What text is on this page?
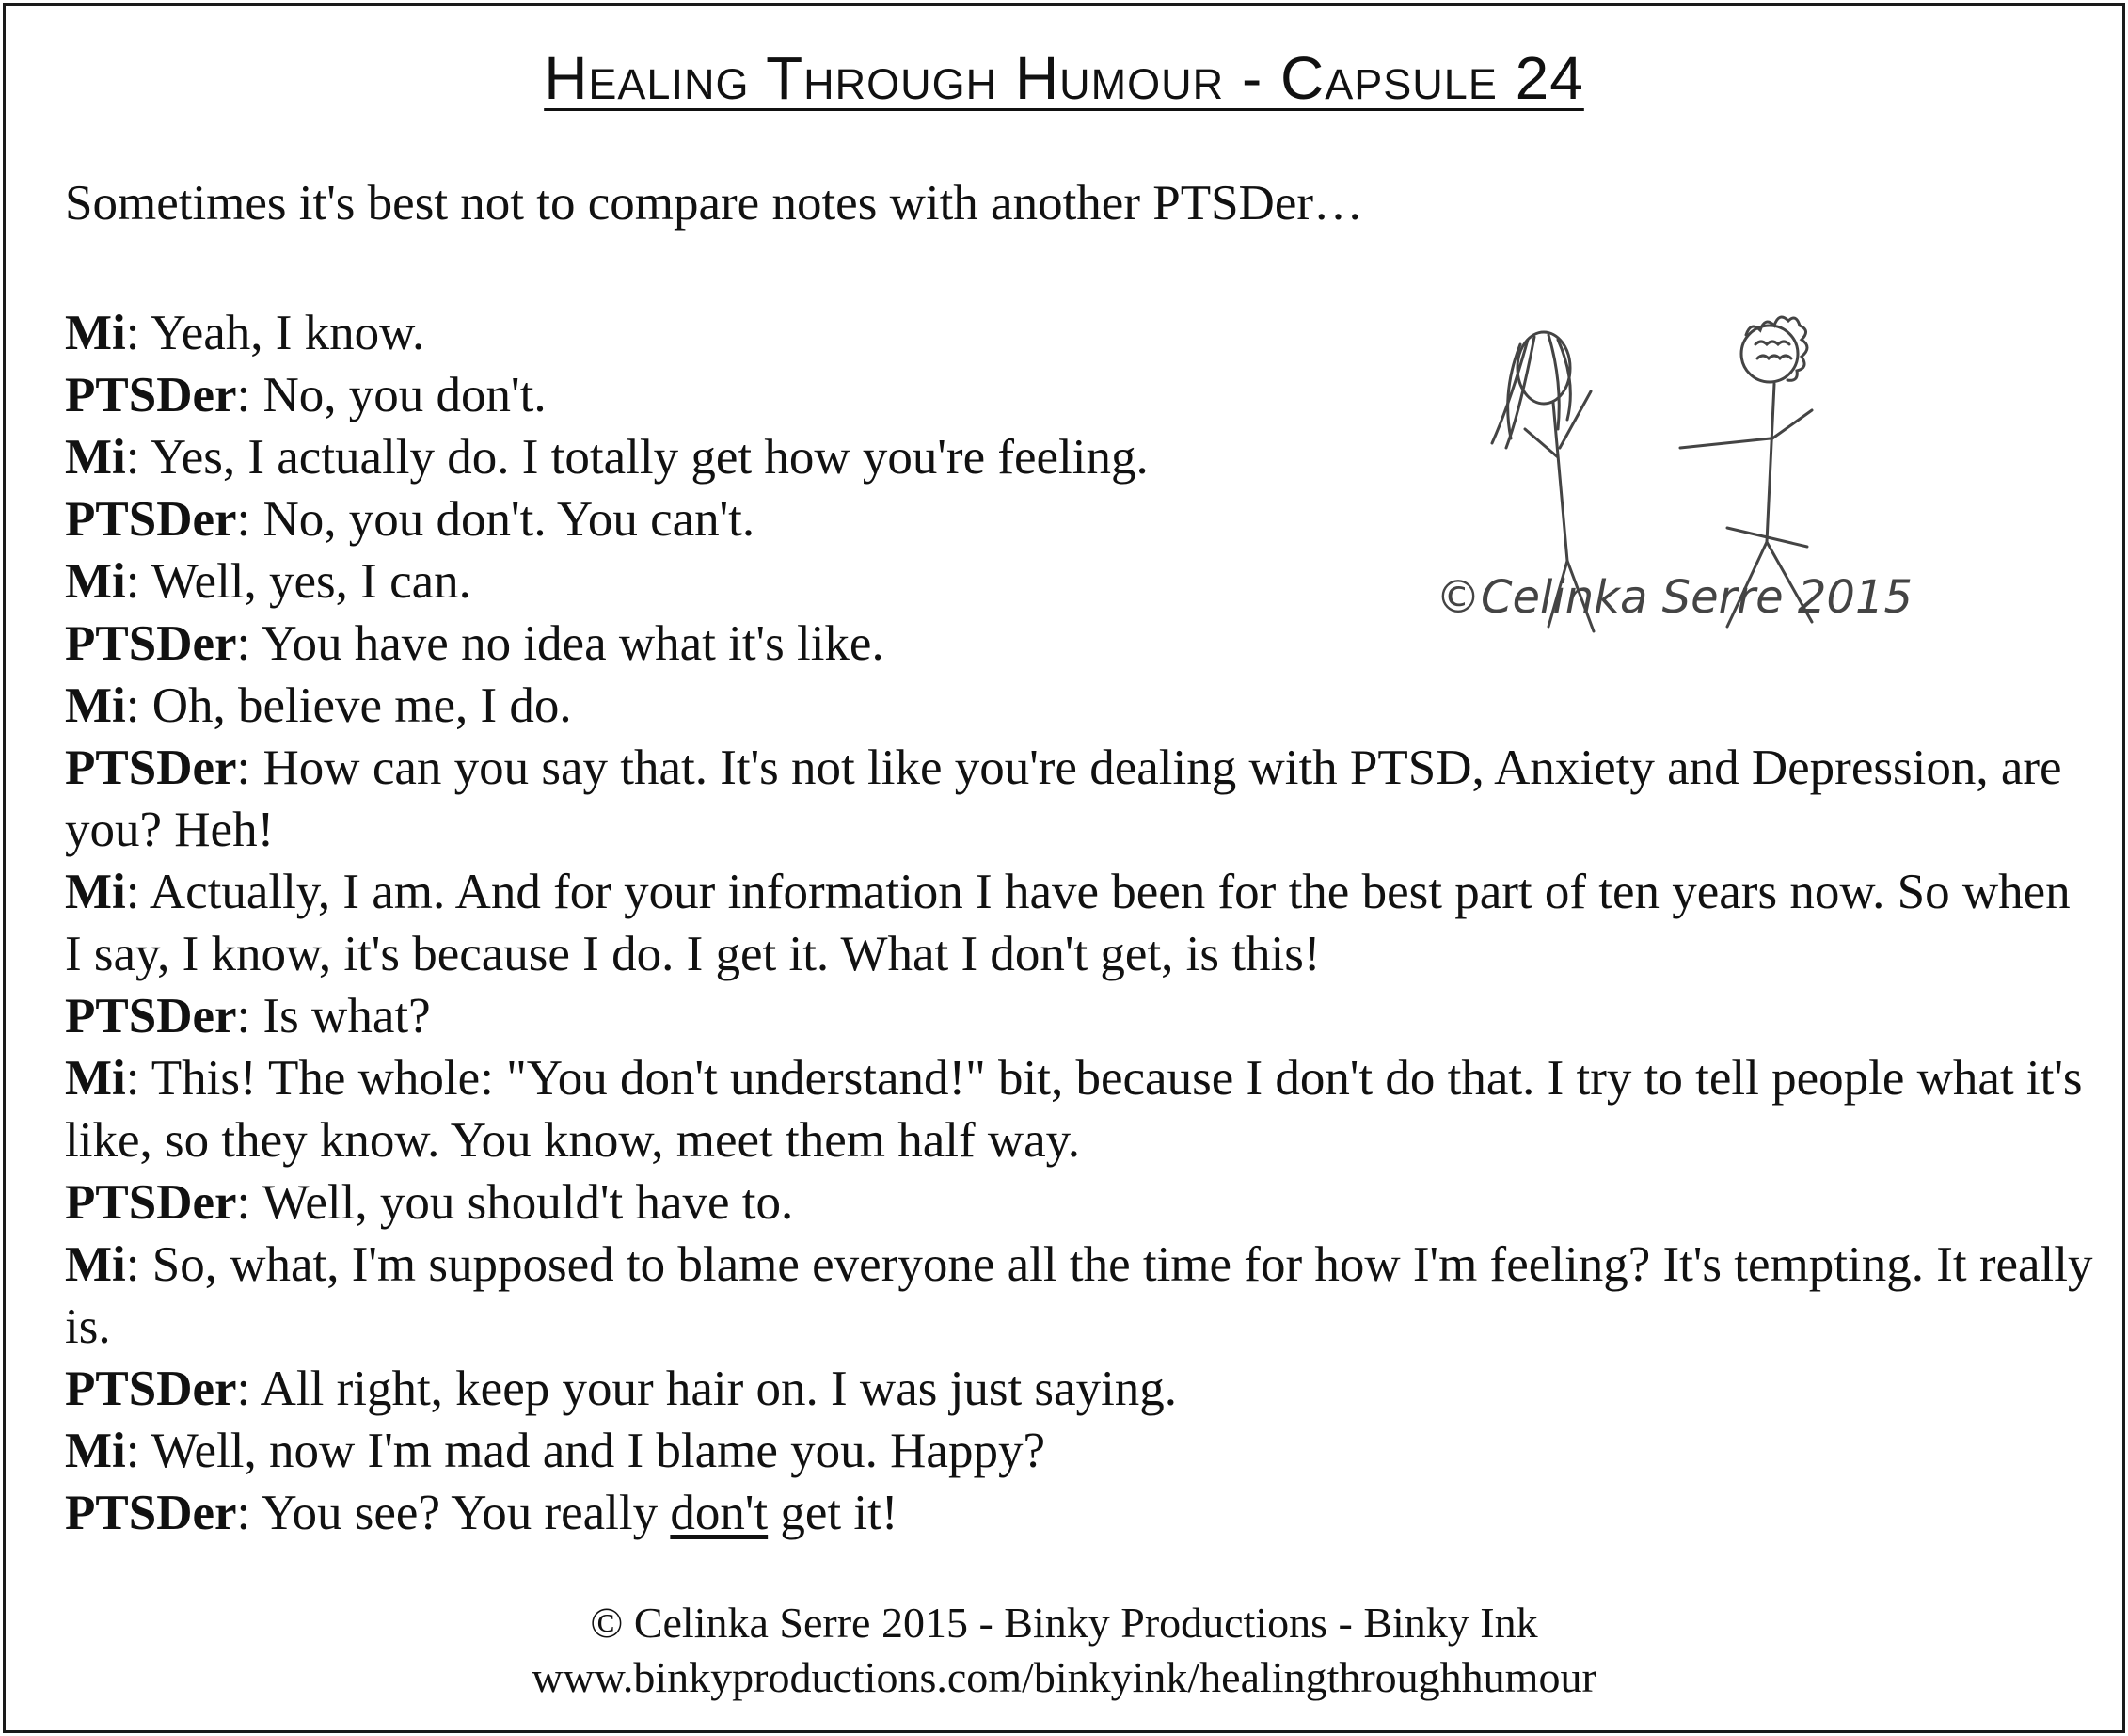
Healing Through Humour - Capsule 24
Sometimes it's best not to compare notes with another PTSDer…
©Celinka Serre 2015

Mi: Yeah, I know.

PTSDer: No, you don't.

Mi: Yes, I actually do. I totally get how you're feeling.

PTSDer: No, you don't. You can't.

Mi: Well, yes, I can.

PTSDer: You have no idea what it's like.

Mi: Oh, believe me, I do.

PTSDer: How can you say that. It's not like you're dealing with PTSD, Anxiety and Depression, are you? Heh!

Mi: Actually, I am. And for your information I have been for the best part of ten years now. So when I say, I know, it's because I do. I get it. What I don't get, is this!

PTSDer: Is what?

Mi: This! The whole: "You don't understand!" bit, because I don't do that. I try to tell people what it's like, so they know. You know, meet them half way.

PTSDer: Well, you should't have to.

Mi: So, what, I'm supposed to blame everyone all the time for how I'm feeling? It's tempting. It really is.

PTSDer: All right, keep your hair on. I was just saying.

Mi: Well, now I'm mad and I blame you. Happy?

PTSDer: You see? You really don't get it!

© Celinka Serre 2015 - Binky Productions - Binky Ink
www.binkyproductions.com/binkyink/healingthroughhumour
